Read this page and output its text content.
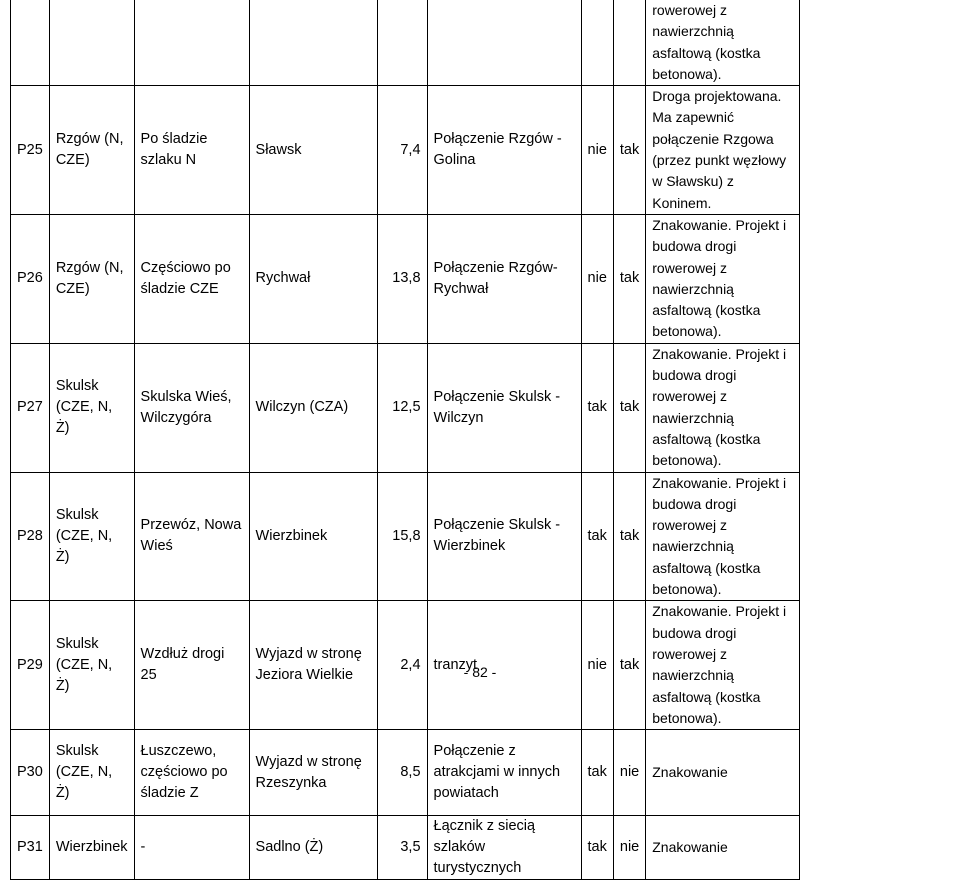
								rowerowej z nawierzchnią asfaltową (kostka betonowa).
P25	Rzgów (N, CZE)	Po śladzie szlaku N	Sławsk	7,4	Połączenie Rzgów - Golina	nie	tak	Droga projektowana. Ma zapewnić połączenie Rzgowa (przez punkt węzłowy w Sławsku) z Koninem.
P26	Rzgów (N, CZE)	Częściowo po śladzie CZE	Rychwał	13,8	Połączenie Rzgów-Rychwał	nie	tak	Znakowanie. Projekt i budowa drogi rowerowej z nawierzchnią asfaltową (kostka betonowa).
P27	Skulsk (CZE, N, Ż)	Skulska Wieś, Wilczygóra	Wilczyn (CZA)	12,5	Połączenie Skulsk - Wilczyn	tak	tak	Znakowanie. Projekt i budowa drogi rowerowej z nawierzchnią asfaltową (kostka betonowa).
P28	Skulsk (CZE, N, Ż)	Przewóz, Nowa Wieś	Wierzbinek	15,8	Połączenie Skulsk - Wierzbinek	tak	tak	Znakowanie. Projekt i budowa drogi rowerowej z nawierzchnią asfaltową (kostka betonowa).
P29	Skulsk (CZE, N, Ż)	Wzdłuż drogi 25	Wyjazd w stronę Jeziora Wielkie	2,4	tranzyt	nie	tak	Znakowanie. Projekt i budowa drogi rowerowej z nawierzchnią asfaltową (kostka betonowa).
P30	Skulsk (CZE, N, Ż)	Łuszczewo, częściowo po śladzie Z	Wyjazd w stronę Rzeszynka	8,5	Połączenie z atrakcjami w innych powiatach	tak	nie	Znakowanie
P31	Wierzbinek	-	Sadlno (Ż)	3,5	Łącznik z siecią szlaków turystycznych	tak	nie	Znakowanie
- 82 -
